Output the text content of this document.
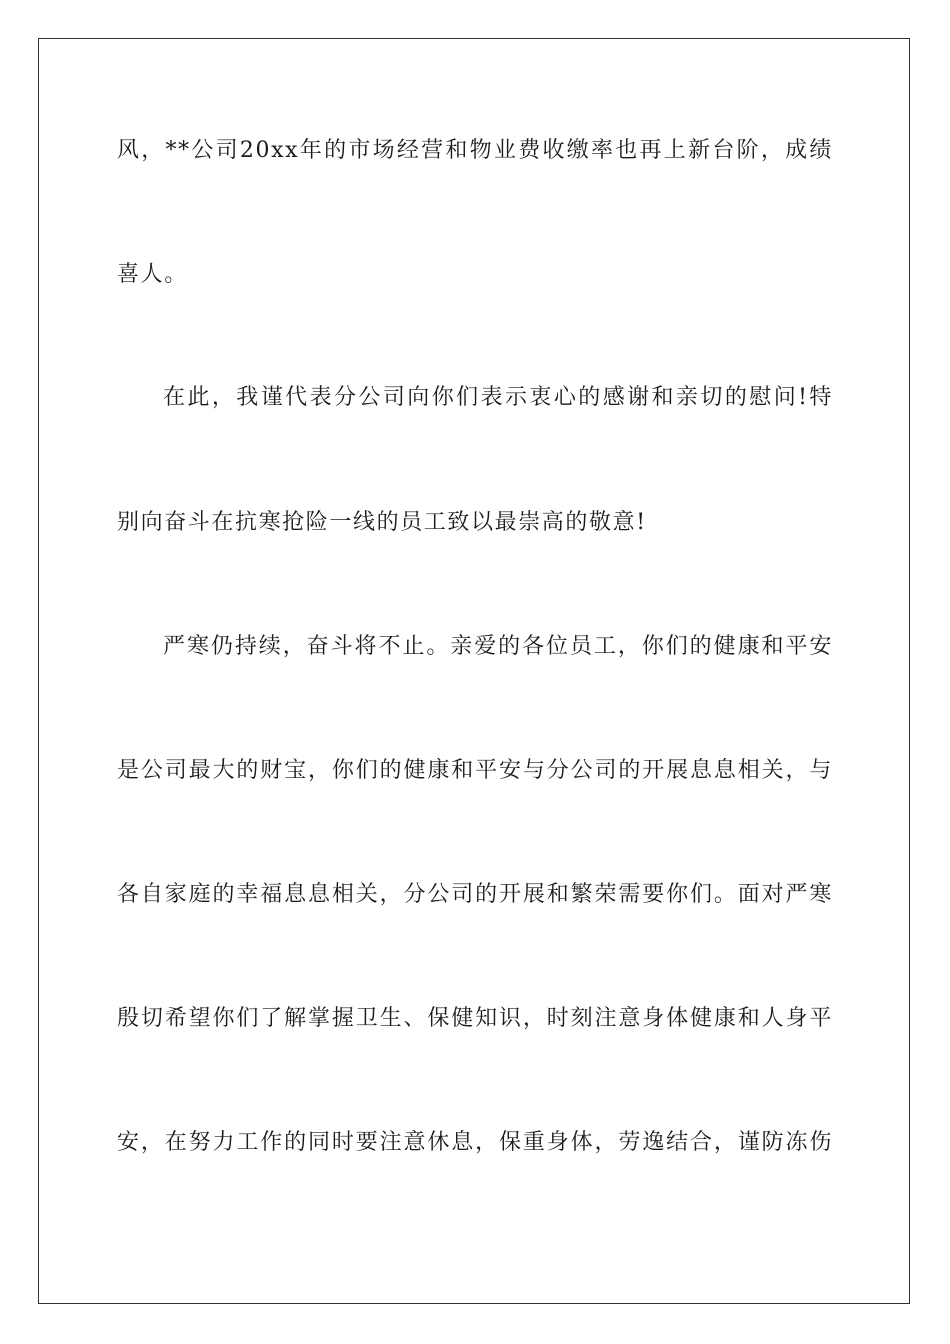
风，**公司20xx年的市场经营和物业费收缴率也再上新台阶，成绩
喜人。
在此，我谨代表分公司向你们表示衷心的感谢和亲切的慰问!特
别向奋斗在抗寒抢险一线的员工致以最崇高的敬意!
严寒仍持续，奋斗将不止。亲爱的各位员工，你们的健康和平安
是公司最大的财宝，你们的健康和平安与分公司的开展息息相关，与
各自家庭的幸福息息相关，分公司的开展和繁荣需要你们。面对严寒
殷切希望你们了解掌握卫生、保健知识，时刻注意身体健康和人身平
安，在努力工作的同时要注意休息，保重身体，劳逸结合，谨防冻伤
